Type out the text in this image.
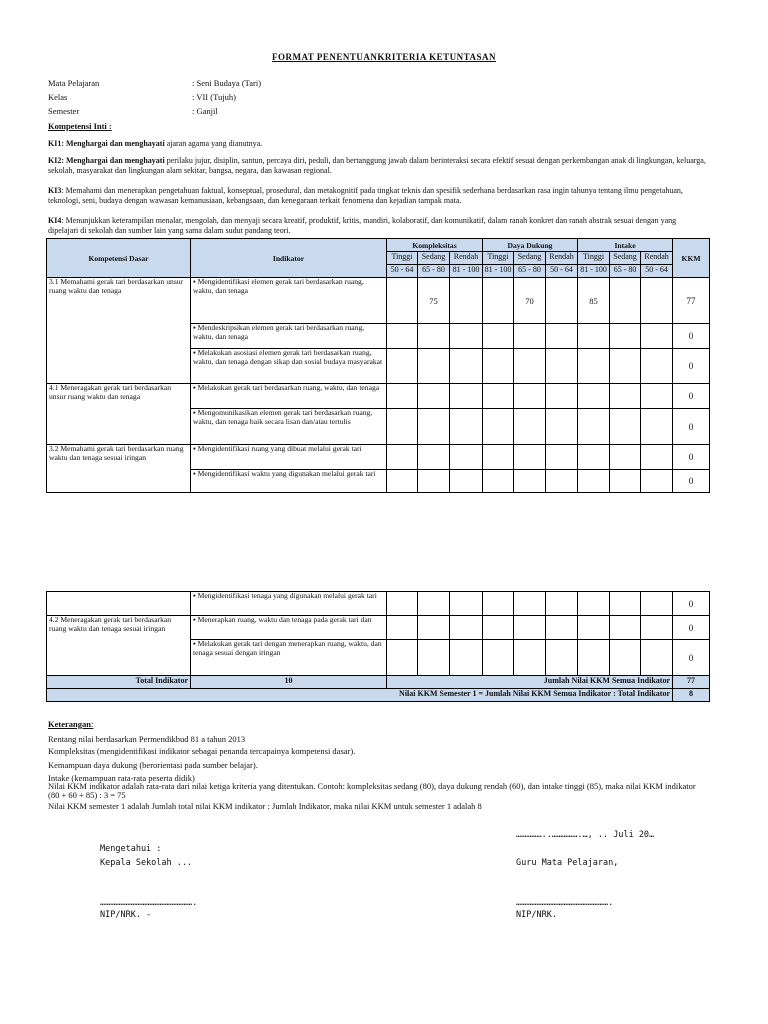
FORMAT PENENTUANKRITERIA KETUNTASAN
Mata Pelajaran	: Seni Budaya (Tari)
Kelas	: VII (Tujuh)
Semester	: Ganjil
Kompetensi Inti :
KI1: Menghargai dan menghayati ajaran agama yang dianutnya.
KI2: Menghargai dan menghayati perilaku jujur, disiplin, santun, percaya diri, peduli, dan bertanggung jawab dalam berinteraksi secara efektif sesuai dengan perkembangan anak di lingkungan, keluarga, sekolah, masyarakat dan lingkungan alam sekitar, bangsa, negara, dan kawasan regional.
KI3: Memahami dan menerapkan pengetahuan faktual, konseptual, prosedural, dan metakognitif pada tingkat teknis dan spesifik sederhana berdasarkan rasa ingin tahunya tentang ilmu pengetahuan, teknologi, seni, budaya dengan wawasan kemanusiaan, kebangsaan, dan kenegaraan terkait fenomena dan kejadian tampak mata.
KI4: Menunjukkan keterampilan menalar, mengolah, dan menyaji secara kreatif, produktif, kritis, mandiri, kolaboratif, dan komunikatif, dalam ranah konkret dan ranah abstrak sesuai dengan yang dipelajari di sekolah dan sumber lain yang sama dalam sudut pandang teori.
Kompetensi Dasar	Indikator	Kompleksitas			Daya Dukung			Intake			KKM
		Tinggi	Sedang	Rendah	Tinggi	Sedang	Rendah	Tinggi	Sedang	Rendah	
		50 - 64	65 - 80	81 - 100	81 - 100	65 - 80	50 - 64	81 - 100	65 - 80	50 - 64	
3.1 Memahami gerak tari berdasarkan unsur ruang waktu dan tenaga	▪ Mengidentifikasi elemen gerak tari berdasarkan ruang, waktu, dan tenaga		75			70		85			77
	▪ Mendeskripsikan elemen gerak tari berdasarkan ruang, waktu, dan tenaga										0
	▪ Melakukan asosiasi elemen gerak tari berdasarkan ruang, waktu, dan tenaga dengan sikap dan sosial budaya masyarakat										0
4.1 Meneragakan gerak tari berdasarkan unsur ruang waktu dan tenaga	▪ Melakukan gerak tari berdasarkan ruang, waktu, dan tenaga										0
	▪ Mengomunikasikan elemen gerak tari berdasarkan ruang, waktu, dan tenaga baik secara lisan dan/atau tertulis										0
3.2 Memahami gerak tari berdasarkan ruang waktu dan tenaga sesuai iringan	▪ Mengidentifikasi ruang yang dibuat melalui gerak tari										0
	▪ Mengidentifikasi waktu yang digunakan melalui gerak tari										0
	▪ Mengidentifikasi tenaga yang digunakan melalui gerak tari										0
4.2 Meneragakan gerak tari berdasarkan ruang waktu dan tenaga sesuai iringan	▪ Menerapkan ruang, waktu dan tenaga pada gerak tari dan										0
	▪ Melakukan gerak tari dengan menerapkan ruang, waktu, dan tenaga sesuai dengan iringan										0
Total Indikator	10	Jumlah Nilai KKM Semua Indikator									77
Nilai KKM Semester 1 = Jumlah Nilai KKM Semua Indikator : Total Indikator											8
Keterangan:
Rentang nilai berdasarkan Permendikbud 81 a tahun 2013
Kompleksitas (mengidentifikasi indikator sebagai penanda tercapainya kompetensi dasar).
Kemampuan daya dukung (berorientasi pada sumber belajar).
Intake (kemampuan rata-rata peserta didik)
Nilai KKM indikator adalah rata-rata dari nilai ketiga kriteria yang ditentukan. Contoh: kompleksitas sedang (80), daya dukung rendah (60), dan intake tinggi (85), maka nilai KKM indikator (80 + 60 + 85) : 3 = 75
Nilai KKM semester 1 adalah Jumlah total nilai KKM indikator : Jumlah Indikator, maka nilai KKM untuk semester 1 adalah 8
……………..…………….…, .. Juli 20…
Mengetahui :
Kepala Sekolah ...	Guru Mata Pelajaran,
……………………………………………….	……………………………………………….
NIP/NRK. -	NIP/NRK.
